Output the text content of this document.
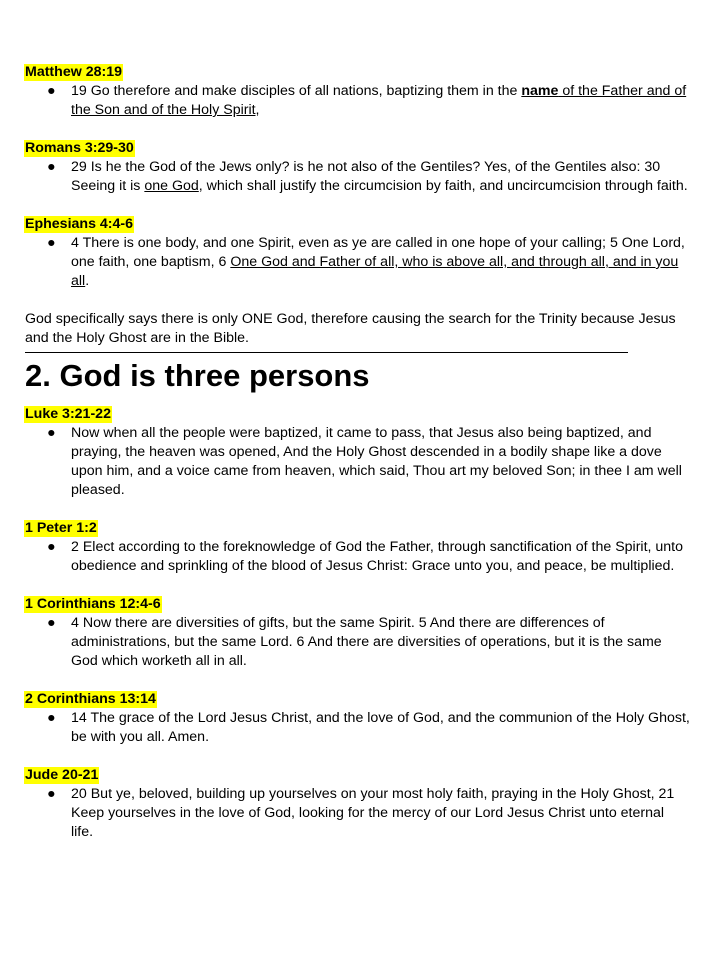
Matthew 28:19
● 19 Go therefore and make disciples of all nations, baptizing them in the name of the Father and of the Son and of the Holy Spirit,
Romans 3:29-30
● 29 Is he the God of the Jews only? is he not also of the Gentiles? Yes, of the Gentiles also: 30 Seeing it is one God, which shall justify the circumcision by faith, and uncircumcision through faith.
Ephesians 4:4-6
● 4 There is one body, and one Spirit, even as ye are called in one hope of your calling; 5 One Lord, one faith, one baptism, 6 One God and Father of all, who is above all, and through all, and in you all.

God specifically says there is only ONE God, therefore causing the search for the Trinity because Jesus and the Holy Ghost are in the Bible.

2. God is three persons
Luke 3:21-22
● Now when all the people were baptized, it came to pass, that Jesus also being baptized, and praying, the heaven was opened, And the Holy Ghost descended in a bodily shape like a dove upon him, and a voice came from heaven, which said, Thou art my beloved Son; in thee I am well pleased.
1 Peter 1:2
● 2 Elect according to the foreknowledge of God the Father, through sanctification of the Spirit, unto obedience and sprinkling of the blood of Jesus Christ: Grace unto you, and peace, be multiplied.
1 Corinthians 12:4-6
● 4 Now there are diversities of gifts, but the same Spirit. 5 And there are differences of administrations, but the same Lord. 6 And there are diversities of operations, but it is the same God which worketh all in all.
2 Corinthians 13:14
● 14 The grace of the Lord Jesus Christ, and the love of God, and the communion of the Holy Ghost, be with you all. Amen.
Jude 20-21
● 20 But ye, beloved, building up yourselves on your most holy faith, praying in the Holy Ghost, 21 Keep yourselves in the love of God, looking for the mercy of our Lord Jesus Christ unto eternal life.
